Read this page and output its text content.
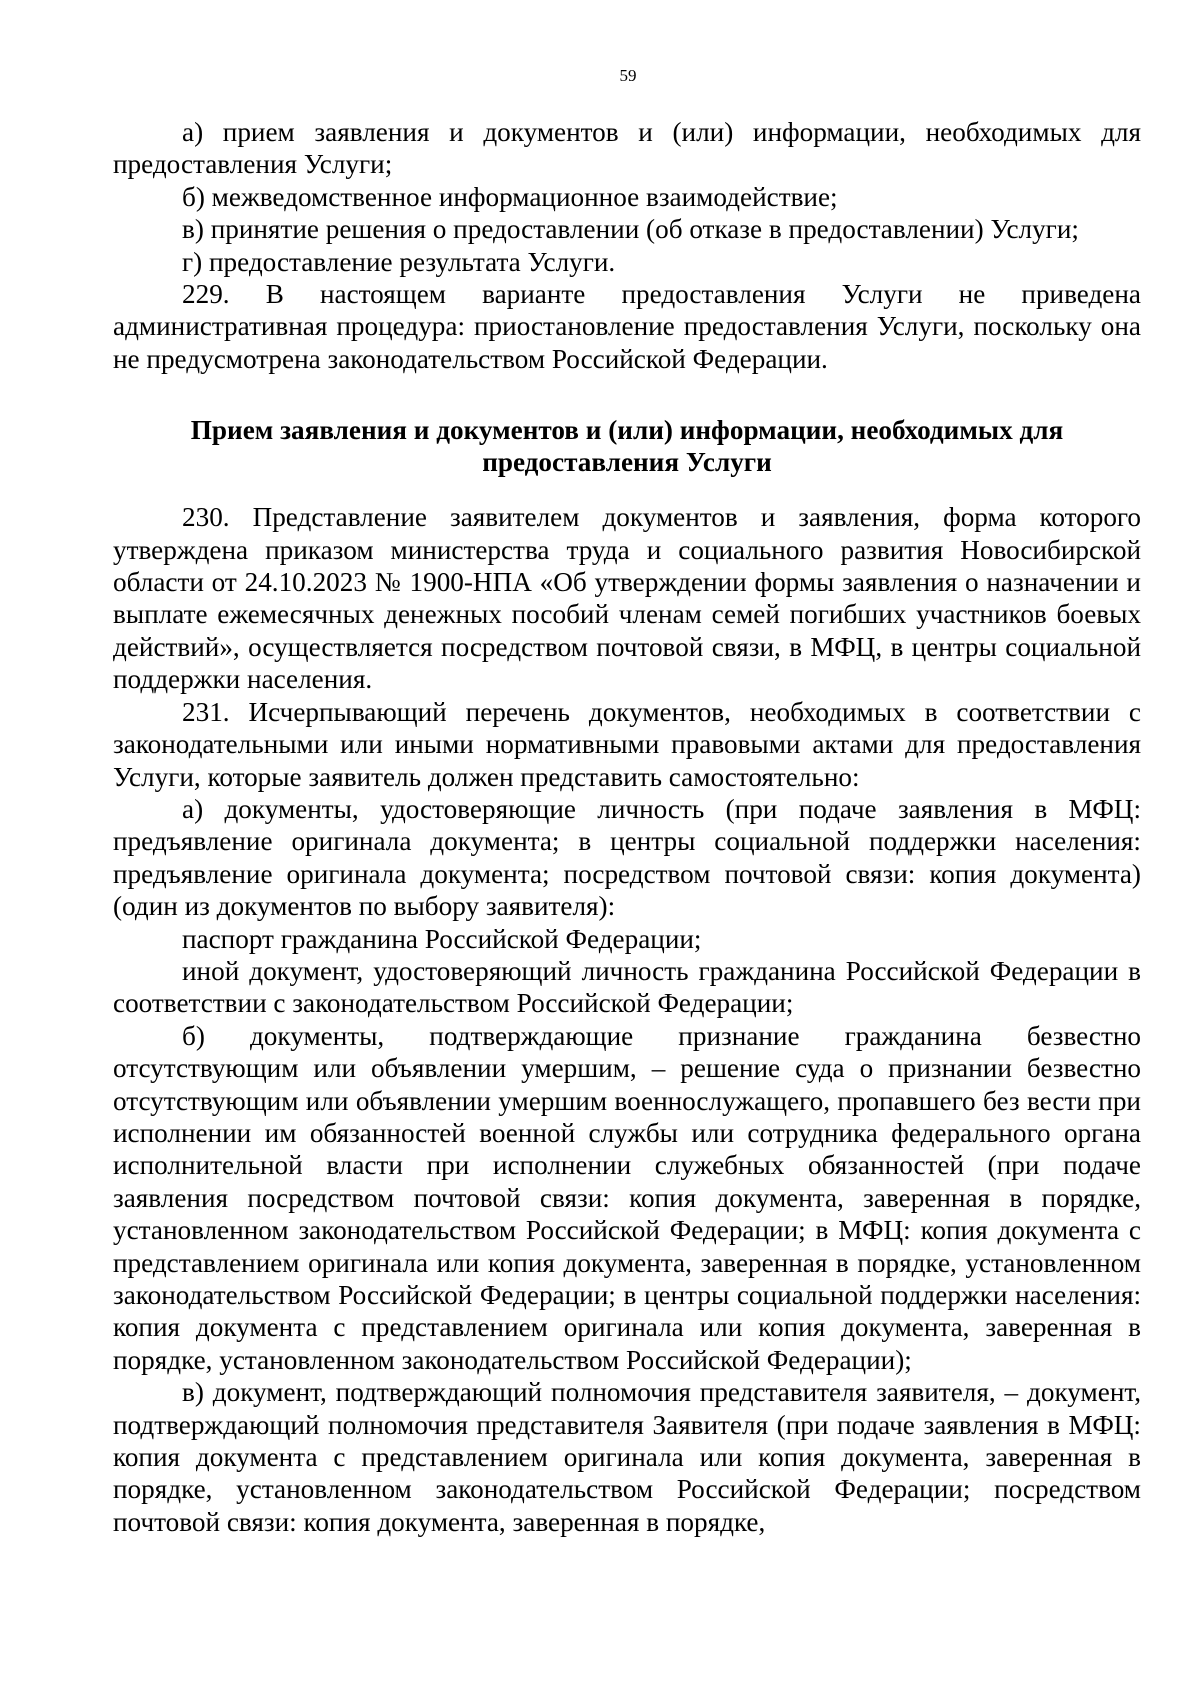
59

а) прием заявления и документов и (или) информации, необходимых для предоставления Услуги;

б) межведомственное информационное взаимодействие;

в) принятие решения о предоставлении (об отказе в предоставлении) Услуги;

г) предоставление результата Услуги.

229. В настоящем варианте предоставления Услуги не приведена административная процедура: приостановление предоставления Услуги, поскольку она не предусмотрена законодательством Российской Федерации.

Прием заявления и документов и (или) информации, необходимых для
предоставления Услуги

230. Представление заявителем документов и заявления, форма которого утверждена приказом министерства труда и социального развития Новосибирской области от 24.10.2023 № 1900-НПА «Об утверждении формы заявления о назначении и выплате ежемесячных денежных пособий членам семей погибших участников боевых действий», осуществляется посредством почтовой связи, в МФЦ, в центры социальной поддержки населения.

231. Исчерпывающий перечень документов, необходимых в соответствии с законодательными или иными нормативными правовыми актами для предоставления Услуги, которые заявитель должен представить самостоятельно:

а) документы, удостоверяющие личность (при подаче заявления в МФЦ: предъявление оригинала документа; в центры социальной поддержки населения: предъявление оригинала документа; посредством почтовой связи: копия документа) (один из документов по выбору заявителя):

паспорт гражданина Российской Федерации;

иной документ, удостоверяющий личность гражданина Российской Федерации в соответствии с законодательством Российской Федерации;

б) документы, подтверждающие признание гражданина безвестно отсутствующим или объявлении умершим, – решение суда о признании безвестно отсутствующим или объявлении умершим военнослужащего, пропавшего без вести при исполнении им обязанностей военной службы или сотрудника федерального органа исполнительной власти при исполнении служебных обязанностей (при подаче заявления посредством почтовой связи: копия документа, заверенная в порядке, установленном законодательством Российской Федерации; в МФЦ: копия документа с представлением оригинала или копия документа, заверенная в порядке, установленном законодательством Российской Федерации; в центры социальной поддержки населения: копия документа с представлением оригинала или копия документа, заверенная в порядке, установленном законодательством Российской Федерации);

в) документ, подтверждающий полномочия представителя заявителя, – документ, подтверждающий полномочия представителя Заявителя (при подаче заявления в МФЦ: копия документа с представлением оригинала или копия документа, заверенная в порядке, установленном законодательством Российской Федерации; посредством почтовой связи: копия документа, заверенная в порядке,
